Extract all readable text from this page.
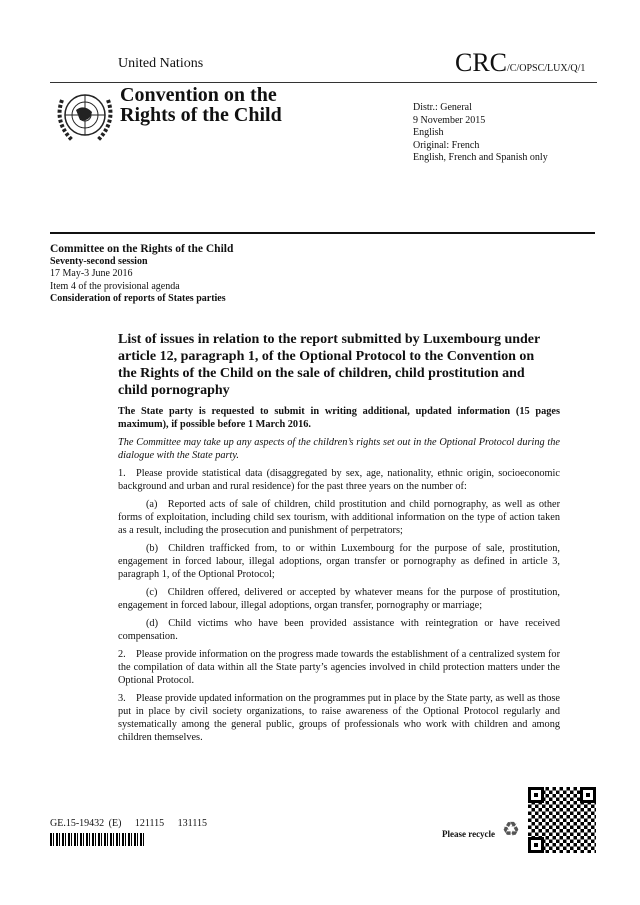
United Nations	CRC/C/OPSC/LUX/Q/1
Convention on the
Rights of the Child	Distr.: General
9 November 2015
English
Original: French
English, French and Spanish only
Committee on the Rights of the Child
Seventy-second session
17 May-3 June 2016
Item 4 of the provisional agenda
Consideration of reports of States parties
List of issues in relation to the report submitted by Luxembourg under article 12, paragraph 1, of the Optional Protocol to the Convention on the Rights of the Child on the sale of children, child prostitution and child pornography

The State party is requested to submit in writing additional, updated information (15 pages maximum), if possible before 1 March 2016.

The Committee may take up any aspects of the children’s rights set out in the Optional Protocol during the dialogue with the State party.

1. Please provide statistical data (disaggregated by sex, age, nationality, ethnic origin, socioeconomic background and urban and rural residence) for the past three years on the number of:

(a) Reported acts of sale of children, child prostitution and child pornography, as well as other forms of exploitation, including child sex tourism, with additional information on the type of action taken as a result, including the prosecution and punishment of perpetrators;

(b) Children trafficked from, to or within Luxembourg for the purpose of sale, prostitution, engagement in forced labour, illegal adoptions, organ transfer or pornography as defined in article 3, paragraph 1, of the Optional Protocol;

(c) Children offered, delivered or accepted by whatever means for the purpose of prostitution, engagement in forced labour, illegal adoptions, organ transfer, pornography or marriage;

(d) Child victims who have been provided assistance with reintegration or have received compensation.

2. Please provide information on the progress made towards the establishment of a centralized system for the compilation of data within all the State party’s agencies involved in child protection matters under the Optional Protocol.

3. Please provide updated information on the programmes put in place by the State party, as well as those put in place by civil society organizations, to raise awareness of the Optional Protocol regularly and systematically among the general public, groups of professionals who work with children and among children themselves.

GE.15-19432 (E)   121115   131115
Please recycle ♻
